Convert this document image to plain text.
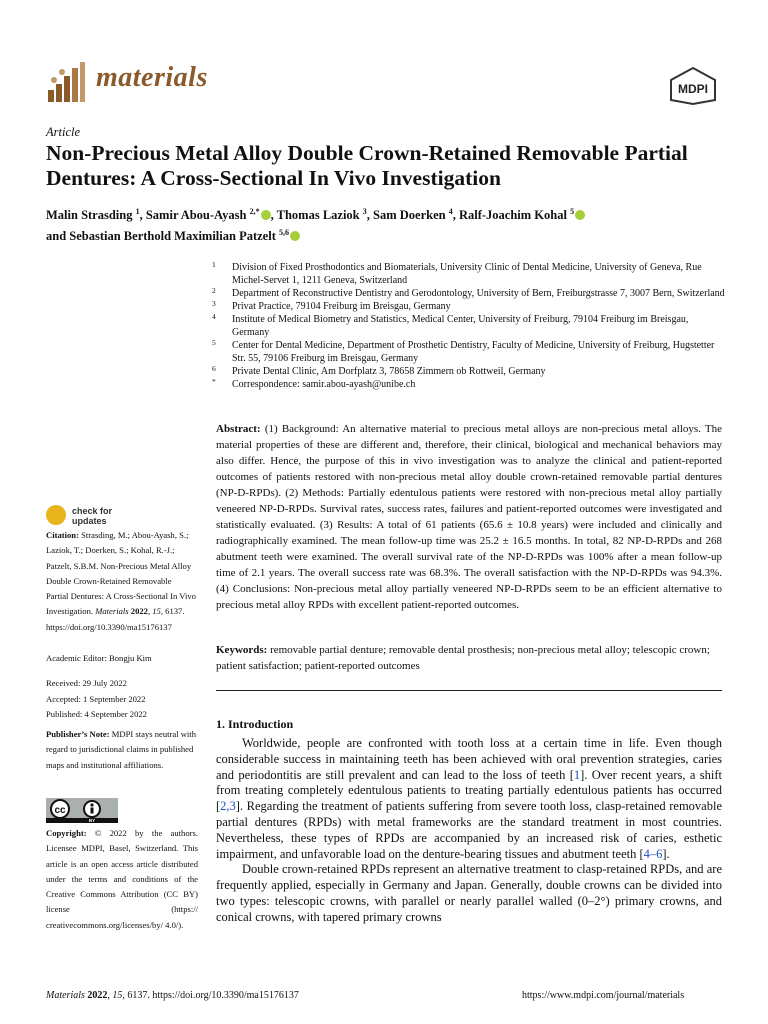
materials	MDPI
Article
Non-Precious Metal Alloy Double Crown-Retained Removable Partial Dentures: A Cross-Sectional In Vivo Investigation
Malin Strasding $^1$, Samir Abou-Ayash $^{2,*}$ , Thomas Laziok $^3$, Sam Doerken $^4$, Ralf-Joachim Kohal $^5$
and Sebastian Berthold Maximilian Patzelt $^{5,6}$
1 Division of Fixed Prosthodontics and Biomaterials, University Clinic of Dental Medicine, University of Geneva, Rue Michel-Servet 1, 1211 Geneva, Switzerland
2 Department of Reconstructive Dentistry and Gerodontology, University of Bern, Freiburgstrasse 7, 3007 Bern, Switzerland
3 Privat Practice, 79104 Freiburg im Breisgau, Germany
4 Institute of Medical Biometry and Statistics, Medical Center, University of Freiburg, 79104 Freiburg im Breisgau, Germany
5 Center for Dental Medicine, Department of Prosthetic Dentistry, Faculty of Medicine, University of Freiburg, Hugstetter Str. 55, 79106 Freiburg im Breisgau, Germany
6 Private Dental Clinic, Am Dorfplatz 3, 78658 Zimmern ob Rottweil, Germany
* Correspondence: samir.abou-ayash@unibe.ch
Abstract: (1) Background: An alternative material to precious metal alloys are non-precious metal alloys. The material properties of these are different and, therefore, their clinical, biological and mechanical behaviors may also differ. Hence, the purpose of this in vivo investigation was to analyze the clinical and patient-reported outcomes of patients restored with non-precious metal alloy double crown-retained removable partial dentures (NP-D-RPDs). (2) Methods: Partially edentulous patients were restored with non-precious metal alloy partially veneered NP-D-RPDs. Survival rates, success rates, failures and patient-reported outcomes were investigated and statistically evaluated. (3) Results: A total of 61 patients (65.6 ± 10.8 years) were included and clinically and radiographically examined. The mean follow-up time was 25.2 ± 16.5 months. In total, 82 NP-D-RPDs and 268 abutment teeth were examined. The overall survival rate of the NP-D-RPDs was 100% after a mean follow-up time of 2.1 years. The overall success rate was 68.3%. The overall satisfaction with the NP-D-RPDs was 94.3%. (4) Conclusions: Non-precious metal alloy partially veneered NP-D-RPDs seem to be an efficient alternative to precious metal alloy RPDs with excellent patient-reported outcomes.
Keywords: removable partial denture; removable dental prosthesis; non-precious metal alloy; telescopic crown; patient satisfaction; patient-reported outcomes
check for
updates
Citation: Strasding, M.; Abou-Ayash, S.; Laziok, T.; Doerken, S.; Kohal, R.-J.; Patzelt, S.B.M. Non-Precious Metal Alloy Double Crown-Retained Removable Partial Dentures: A Cross-Sectional In Vivo Investigation. Materials 2022, 15, 6137. https://doi.org/10.3390/ma15176137
Academic Editor: Bongju Kim
Received: 29 July 2022
Accepted: 1 September 2022
Published: 4 September 2022
Publisher’s Note: MDPI stays neutral with regard to jurisdictional claims in published maps and institutional affiliations.
cc
BY
Copyright: © 2022 by the authors. Licensee MDPI, Basel, Switzerland. This article is an open access article distributed under the terms and conditions of the Creative Commons Attribution (CC BY) license (https:// creativecommons.org/licenses/by/ 4.0/).
1. Introduction

Worldwide, people are confronted with tooth loss at a certain time in life. Even though considerable success in maintaining teeth has been achieved with oral prevention strategies, caries and periodontitis are still prevalent and can lead to the loss of teeth [1]. Over recent years, a shift from treating completely edentulous patients to treating partially edentulous patients has occurred [2,3]. Regarding the treatment of patients suffering from severe tooth loss, clasp-retained removable partial dentures (RPDs) with metal frameworks are the standard treatment in most countries. Nevertheless, these types of RPDs are accompanied by an increased risk of caries, esthetic impairment, and unfavorable load on the denture-bearing tissues and abutment teeth [4–6].

Double crown-retained RPDs represent an alternative treatment to clasp-retained RPDs, and are frequently applied, especially in Germany and Japan. Generally, double crowns can be divided into two types: telescopic crowns, with parallel or nearly parallel walled (0–2°) primary crowns, and conical crowns, with tapered primary crowns

Materials 2022, 15, 6137. https://doi.org/10.3390/ma15176137	https://www.mdpi.com/journal/materials
